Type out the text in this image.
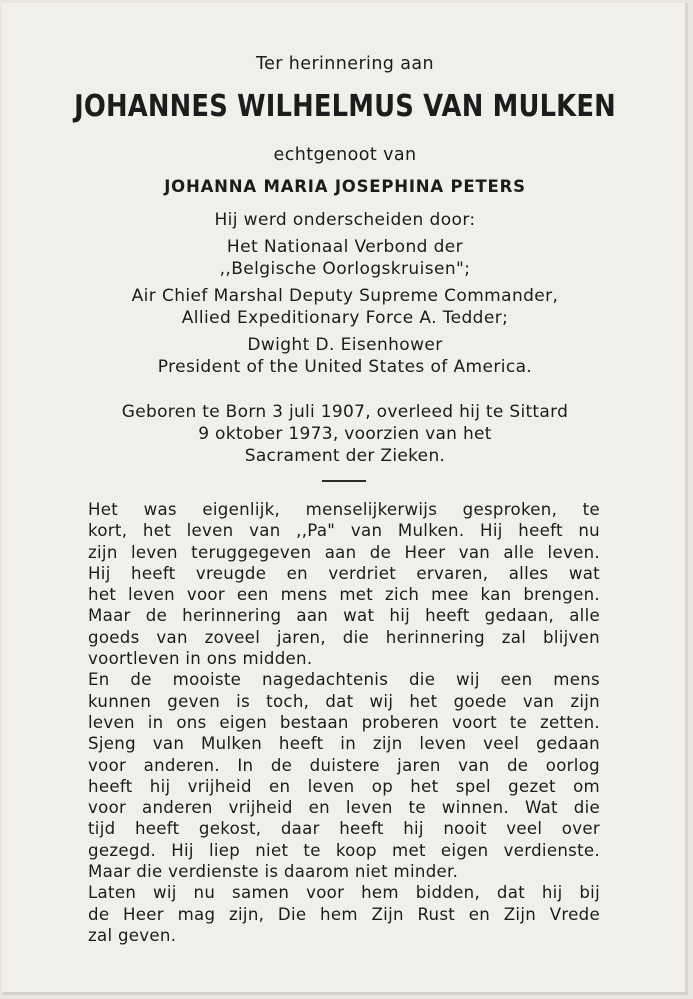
Ter herinnering aan
JOHANNES WILHELMUS VAN MULKEN
echtgenoot van
JOHANNA MARIA JOSEPHINA PETERS
Hij werd onderscheiden door:
Het Nationaal Verbond der
,,Belgische Oorlogskruisen";
Air Chief Marshal Deputy Supreme Commander,
Allied Expeditionary Force A. Tedder;
Dwight D. Eisenhower
President of the United States of America.
Geboren te Born 3 juli 1907, overleed hij te Sittard
9 oktober 1973, voorzien van het
Sacrament der Zieken.
Het was eigenlijk, menselijkerwijs gesproken, te
kort, het leven van ,,Pa" van Mulken. Hij heeft nu
zijn leven teruggegeven aan de Heer van alle leven.
Hij heeft vreugde en verdriet ervaren, alles wat
het leven voor een mens met zich mee kan brengen.
Maar de herinnering aan wat hij heeft gedaan, alle
goeds van zoveel jaren, die herinnering zal blijven
voortleven in ons midden.
En de mooiste nagedachtenis die wij een mens
kunnen geven is toch, dat wij het goede van zijn
leven in ons eigen bestaan proberen voort te zetten.
Sjeng van Mulken heeft in zijn leven veel gedaan
voor anderen. In de duistere jaren van de oorlog
heeft hij vrijheid en leven op het spel gezet om
voor anderen vrijheid en leven te winnen. Wat die
tijd heeft gekost, daar heeft hij nooit veel over
gezegd. Hij liep niet te koop met eigen verdienste.
Maar die verdienste is daarom niet minder.
Laten wij nu samen voor hem bidden, dat hij bij
de Heer mag zijn, Die hem Zijn Rust en Zijn Vrede
zal geven.
